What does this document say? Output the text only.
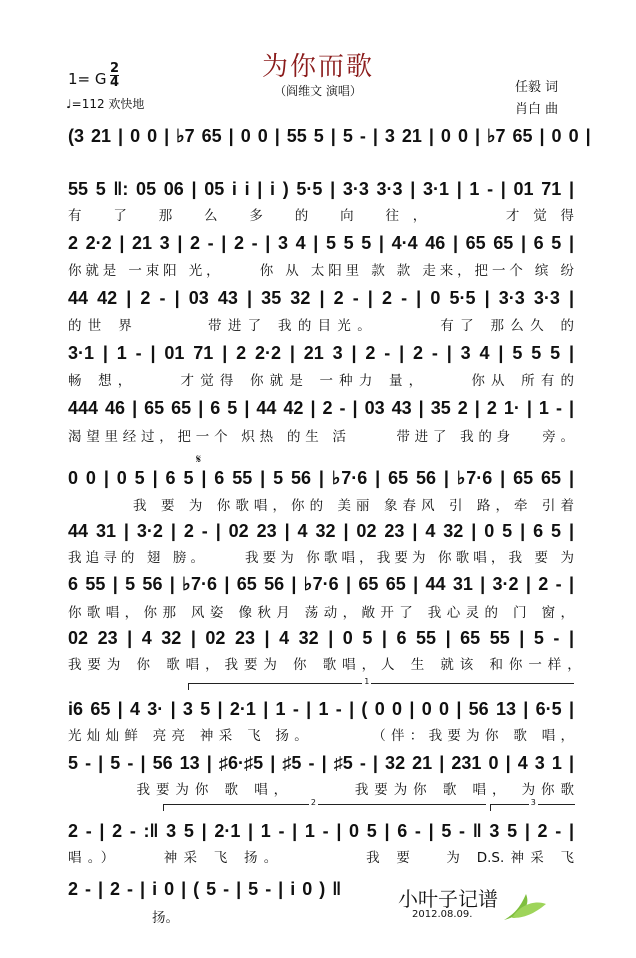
为你而歌
（阎维文 演唱）
1= G
2
4
♩=112 欢快地
任毅 词
肖白 曲
(3 21 | 0 0 | ♭7 65 | 0 0 | 55 5 | 5 - | 3 21 | 0 0 | ♭7 65 | 0 0 |
55 5 ‖: 05 06 | 05 i i | i ) 5·5 | 3·3 3·3 | 3·1 | 1 - | 01 71 |
有 了 那 么 多 的 向 往，　　 才觉得
2 2·2 | 21 3 | 2 - | 2 - | 3 4 | 5 5 5 | 4·4 46 | 65 65 | 6 5 |
你就是 一束阳 光，　　 你 从 太阳里 款 款 走来，把一个 缤 纷
44 42 | 2 - | 03 43 | 35 32 | 2 - | 2 - | 0 5·5 | 3·3 3·3 |
的世 界　　　 带进了 我的目光。　　　 有了 那么久 的
3·1 | 1 - | 01 71 | 2 2·2 | 21 3 | 2 - | 2 - | 3 4 | 5 5 5 |
畅 想，　　 才觉得 你就是 一种力 量，　　 你从 所有的
444 46 | 65 65 | 6 5 | 44 42 | 2 - | 03 43 | 35 2 | 2 1· | 1 - |
渴望里经过，把一个 炽热 的生 活　　 带进了 我的身　 旁。
0 0 | 0 5 | 6 5 | 6 55 | 5 56 | ♭7·6 | 65 56 | ♭7·6 | 65 65 |
　　　 我 要 为 你歌唱，你的 美丽 象春风 引 路，牵 引着
44 31 | 3·2 | 2 - | 02 23 | 4 32 | 02 23 | 4 32 | 0 5 | 6 5 |
我追寻的 翅 膀。　　 我要为 你歌唱，我要为 你歌唱，我 要 为
6 55 | 5 56 | ♭7·6 | 65 56 | ♭7·6 | 65 65 | 44 31 | 3·2 | 2 - |
你歌唱，你那 风姿 像秋月 荡动，敞开了 我心灵的 门 窗，
02 23 | 4 32 | 02 23 | 4 32 | 0 5 | 6 55 | 65 55 | 5 - |
我要为 你 歌唱，我要为 你 歌唱，人 生 就该 和你一样，　
i6 65 | 4 3· | 3 5 | 2·1 | 1 - | 1 - | ( 0 0 | 0 0 | 56 13 | 6·5 |
光灿灿鲜 亮亮 神采 飞 扬。　　　 （伴：我要为你 歌 唱，
5 - | 5 - | 56 13 | ♯6·♯5 | ♯5 - | ♯5 - | 32 21 | 231 0 | 4 3 1 |
　　　 我要为你 歌 唱，　　　 我要为你 歌 唱， 为你歌
2 - | 2 - :‖ 3 5 | 2·1 | 1 - | 1 - | 0 5 | 6 - | 5 - ‖ 3 5 | 2 - |
唱。）　　 神采 飞 扬。　　　　 我 要　 为 D.S.神采 飞
2 - | 2 - | i 0 | ( 5 - | 5 - | i 0 ) ‖
扬。
1
2	3
𝄋
小叶子记谱
2012.08.09.
